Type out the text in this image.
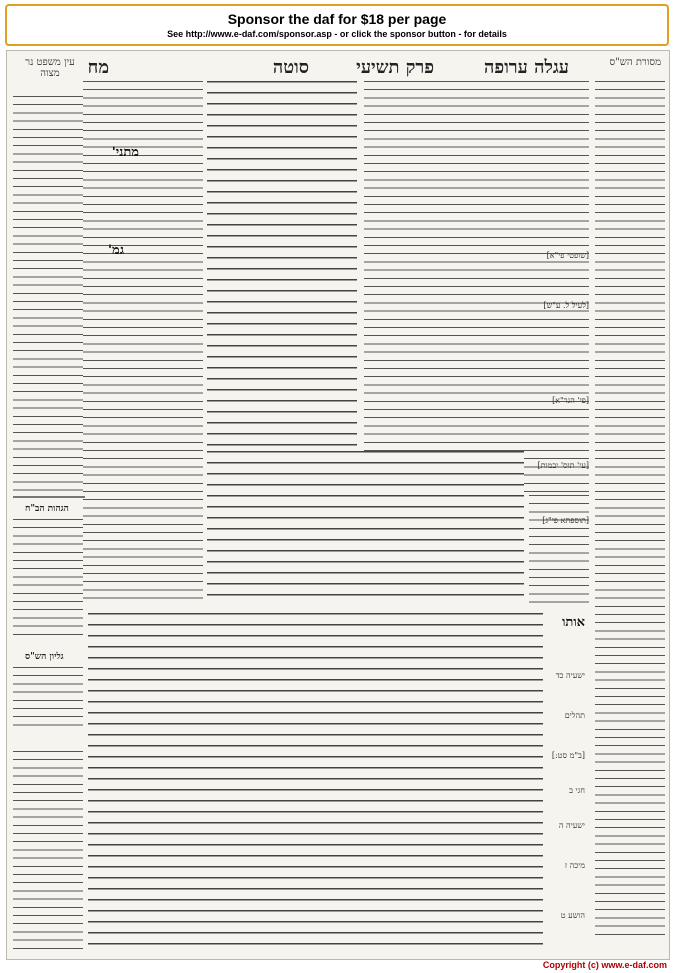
Sponsor the daf for $18 per page
See http://www.e-daf.com/sponsor.asp - or click the sponsor button - for details
מסורת הש"ס
עגלה ערופה
פרק תשיעי
סוטה
מח
עין משפט נר מצוה
מתני'
גמ'
הגהות הב"ח
גליון הש"ס
אותו
[שופטי פי"א]
[לעיל ל. ע"ש]
[פי' הגר"א]
[עי' תוס' יבמות]
[תוספתא פי"ג]
ישעיה כד
תהלים
[ב"מ סט:]
חגי ב
ישעיה ה
מיכה ז
הושע ט
Copyright (c) www.e-daf.com
